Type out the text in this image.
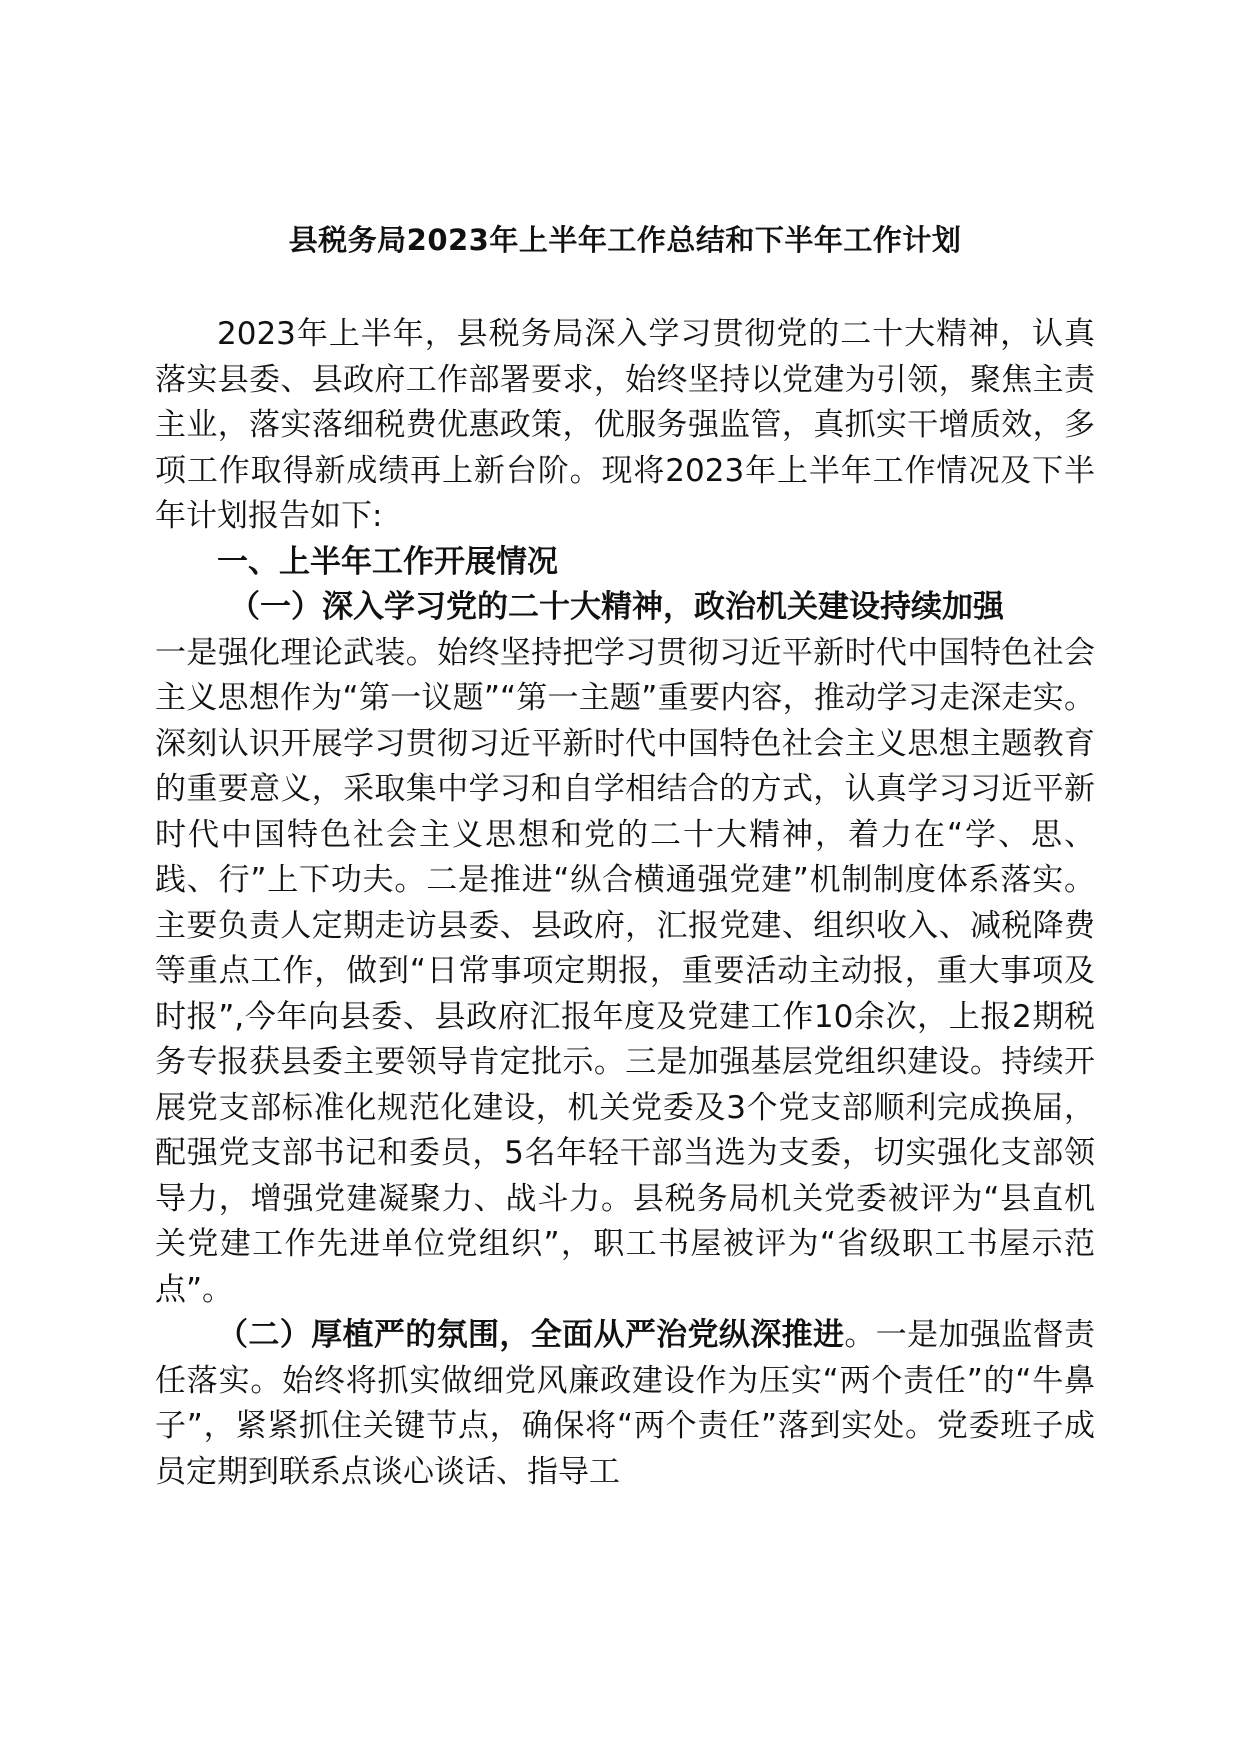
县税务局2023年上半年工作总结和下半年工作计划

2023年上半年，县税务局深入学习贯彻党的二十大精神，认真落实县委、县政府工作部署要求，始终坚持以党建为引领，聚焦主责主业，落实落细税费优惠政策，优服务强监管，真抓实干增质效，多项工作取得新成绩再上新台阶。现将2023年上半年工作情况及下半年计划报告如下:

一、上半年工作开展情况

（一）深入学习党的二十大精神，政治机关建设持续加强

一是强化理论武装。始终坚持把学习贯彻习近平新时代中国特色社会主义思想作为“第一议题”“第一主题”重要内容，推动学习走深走实。深刻认识开展学习贯彻习近平新时代中国特色社会主义思想主题教育的重要意义，采取集中学习和自学相结合的方式，认真学习习近平新时代中国特色社会主义思想和党的二十大精神，着力在“学、思、践、行”上下功夫。二是推进“纵合横通强党建”机制制度体系落实。主要负责人定期走访县委、县政府，汇报党建、组织收入、减税降费等重点工作，做到“日常事项定期报，重要活动主动报，重大事项及时报”,今年向县委、县政府汇报年度及党建工作10余次，上报2期税务专报获县委主要领导肯定批示。三是加强基层党组织建设。持续开展党支部标准化规范化建设，机关党委及3个党支部顺利完成换届，配强党支部书记和委员，5名年轻干部当选为支委，切实强化支部领导力，增强党建凝聚力、战斗力。县税务局机关党委被评为“县直机关党建工作先进单位党组织”，职工书屋被评为“省级职工书屋示范点”。

（二）厚植严的氛围，全面从严治党纵深推进。一是加强监督责任落实。始终将抓实做细党风廉政建设作为压实“两个责任”的“牛鼻子”，紧紧抓住关键节点，确保将“两个责任”落到实处。党委班子成员定期到联系点谈心谈话、指导工
